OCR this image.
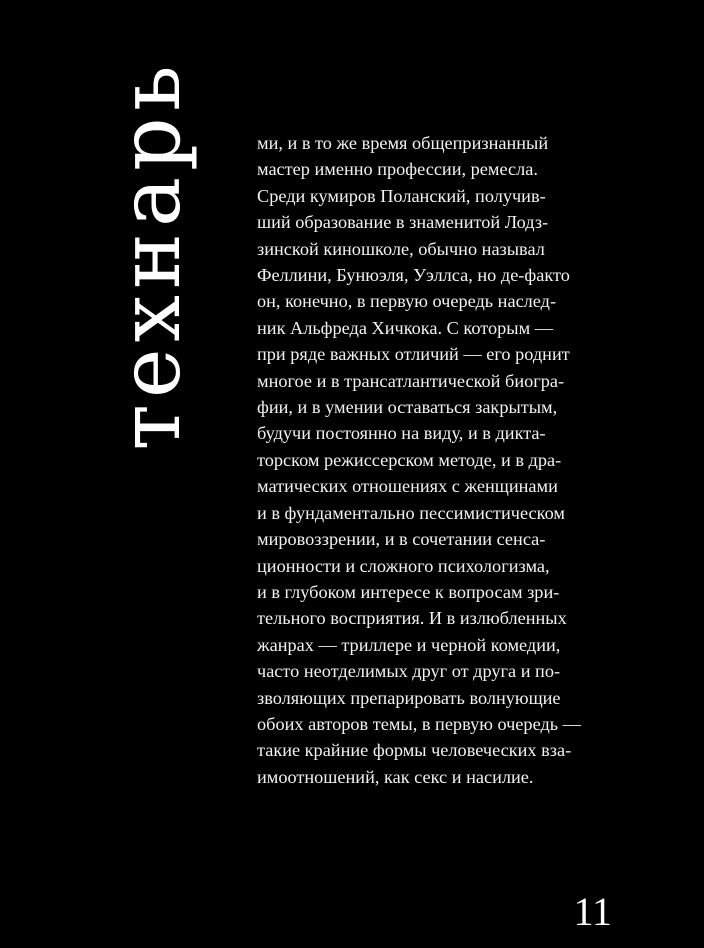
технарь	ми, и в то же время общепризнанный
мастер именно профессии, ремесла.
Среди кумиров Поланский, получив-
ший образование в знаменитой Лодз-
зинской киношколе, обычно называл
Феллини, Бунюэля, Уэллса, но де-факто
он, конечно, в первую очередь наслед-
ник Альфреда Хичкока. С которым —
при ряде важных отличий — его роднит
многое и в трансатлантической биогра-
фии, и в умении оставаться закрытым,
будучи постоянно на виду, и в дикта-
торском режиссерском методе, и в дра-
матических отношениях с женщинами
и в фундаментально пессимистическом
мировоззрении, и в сочетании сенса-
ционности и сложного психологизма,
и в глубоком интересе к вопросам зри-
тельного восприятия. И в излюбленных
жанрах — триллере и черной комедии,
часто неотделимых друг от друга и по-
зволяющих препарировать волнующие
обоих авторов темы, в первую очередь —
такие крайние формы человеческих вза-
имоотношений, как секс и насилие.
11
